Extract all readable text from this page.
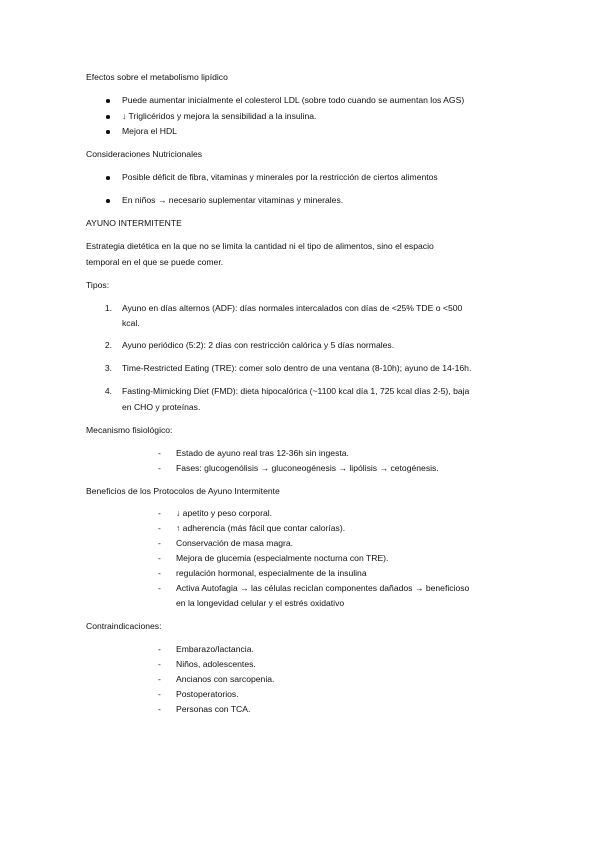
Efectos sobre el metabolismo lipídico
Puede aumentar inicialmente el colesterol LDL (sobre todo cuando se aumentan los AGS)
↓ Triglicéridos y mejora la sensibilidad a la insulina.
Mejora el HDL
Consideraciones Nutricionales
Posible déficit de fibra, vitaminas y minerales por la restricción de ciertos alimentos
En niños → necesario suplementar vitaminas y minerales.
AYUNO INTERMITENTE
Estrategia dietética en la que no se limita la cantidad ni el tipo de alimentos, sino el espacio
temporal en el que se puede comer.
Tipos:
1. Ayuno en días alternos (ADF): días normales intercalados con días de <25% TDE o <500
kcal.
2. Ayuno periódico (5:2): 2 días con restricción calórica y 5 días normales.
3. Time-Restricted Eating (TRE): comer solo dentro de una ventana (8-10h); ayuno de 14-16h.
4. Fasting-Mimicking Diet (FMD): dieta hipocalórica (~1100 kcal día 1, 725 kcal días 2-5), baja
en CHO y proteínas.
Mecanismo fisiológico:
- Estado de ayuno real tras 12-36h sin ingesta.
- Fases: glucogenólisis → gluconeogénesis → lipólisis → cetogénesis.
Beneficios de los Protocolos de Ayuno Intermitente
- ↓ apetito y peso corporal.
- ↑ adherencia (más fácil que contar calorías).
- Conservación de masa magra.
- Mejora de glucemia (especialmente nocturna con TRE).
- regulación hormonal, especialmente de la insulina
- Activa Autofagia → las células reciclan componentes dañados → beneficioso
en la longevidad celular y el estrés oxidativo
Contraindicaciones:
- Embarazo/lactancia.
- Niños, adolescentes.
- Ancianos con sarcopenia.
- Postoperatorios.
- Personas con TCA.
